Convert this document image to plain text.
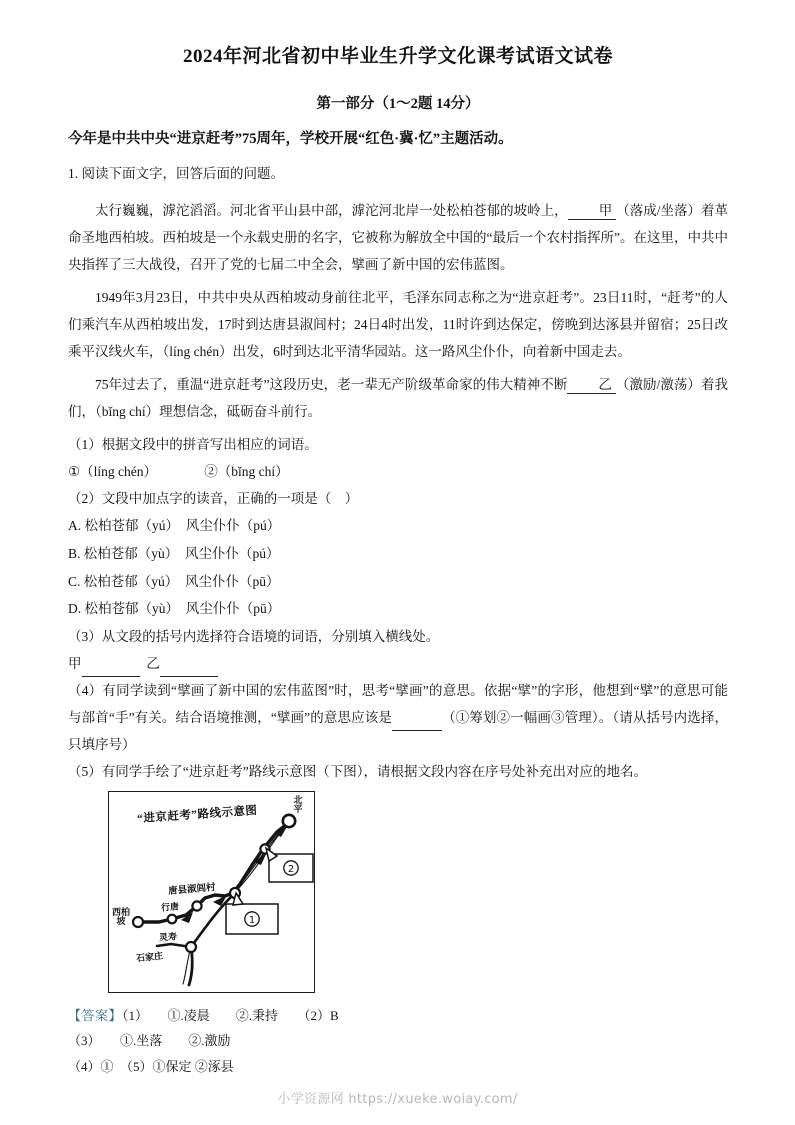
2024年河北省初中毕业生升学文化课考试语文试卷
第一部分（1～2题 14分）
今年是中共中央“进京赶考”75周年，学校开展“红色·冀·忆”主题活动。
1. 阅读下面文字，回答后面的问题。

太行巍巍，滹沱滔滔。河北省平山县中部，滹沱河北岸一处松柏苍郁的坡岭上， 甲 （落成/坐落）着革命圣地西柏坡。西柏坡是一个永载史册的名字，它被称为解放全中国的“最后一个农村指挥所”。在这里，中共中央指挥了三大战役，召开了党的七届二中全会，擘画了新中国的宏伟蓝图。

1949年3月23日，中共中央从西柏坡动身前往北平，毛泽东同志称之为“进京赶考”。23日11时，“赶考”的人们乘汽车从西柏坡出发，17时到达唐县淑闾村；24日4时出发，11时许到达保定，傍晚到达涿县并留宿；25日改乘平汉线火车，（líng chén）出发，6时到达北平清华园站。这一路风尘仆仆，向着新中国走去。

75年过去了，重温“进京赶考”这段历史，老一辈无产阶级革命家的伟大精神不断 乙 （激励/激荡）着我们，（bǐng chí）理想信念，砥砺奋斗前行。

（1）根据文段中的拼音写出相应的词语。

①（líng chén）　　　　②（bǐng chí）

（2）文段中加点字的读音，正确的一项是（　）

A. 松柏苍郁（yú）　风尘仆仆（pú）

B. 松柏苍郁（yù）　风尘仆仆（pú）

C. 松柏苍郁（yú）　风尘仆仆（pū）

D. 松柏苍郁（yù）　风尘仆仆（pū）

（3）从文段的括号内选择符合语境的词语，分别填入横线处。

甲	乙

（4）有同学读到“擘画了新中国的宏伟蓝图”时，思考“擘画”的意思。依据“擘”的字形，他想到“擘”的意思可能与部首“手”有关。结合语境推测，“擘画”的意思应该是	（①筹划②一幅画③管理）。（请从括号内选择，只填序号）

（5）有同学手绘了“进京赶考”路线示意图（下图），请根据文段内容在序号处补充出对应的地名。

1
2
“进京赶考”路线示意图
西柏坡
行唐
灵寿
唐县淑闾村
石家庄
北平
【答案】（1）　　①.凌晨　　②.秉持　　（2）B
（3）　　①.坐落　　②.激励
（4）①　（5）①保定 ②涿县
小学资源网 https://xueke.woiay.com/
